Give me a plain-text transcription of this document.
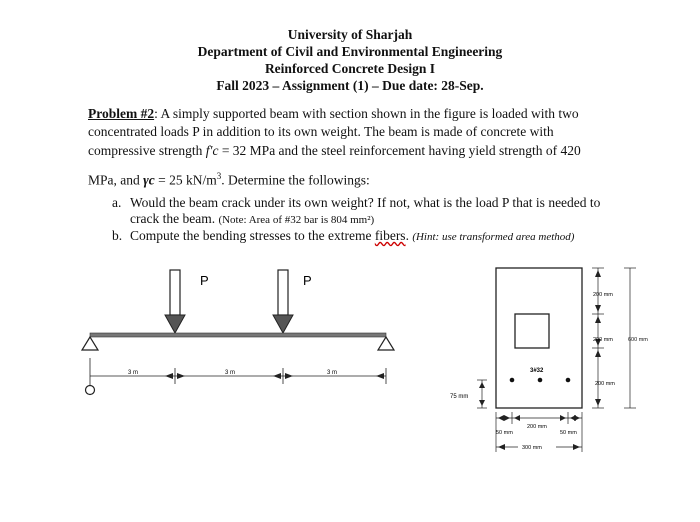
University of Sharjah
Department of Civil and Environmental Engineering
Reinforced Concrete Design I
Fall 2023 – Assignment (1) – Due date: 28-Sep.
Problem #2: A simply supported beam with section shown in the figure is loaded with two
concentrated loads P in addition to its own weight. The beam is made of concrete with
compressive strength f′c = 32 MPa and the steel reinforcement having yield strength of 420
MPa, and γc = 25 $kN/m^3$. Determine the followings:
a. Would the beam crack under its own weight? If not, what is the load P that is needed to
crack the beam. (Note: Area of #32 bar is 804 mm²)
b. Compute the bending stresses to the extreme fibers. (Hint: use transformed area method)
P	P
3 m	3 m	3 m	3#32
200 mm
200 mm
200 mm
600 mm
75 mm
50 mm
200 mm
50 mm
300 mm
